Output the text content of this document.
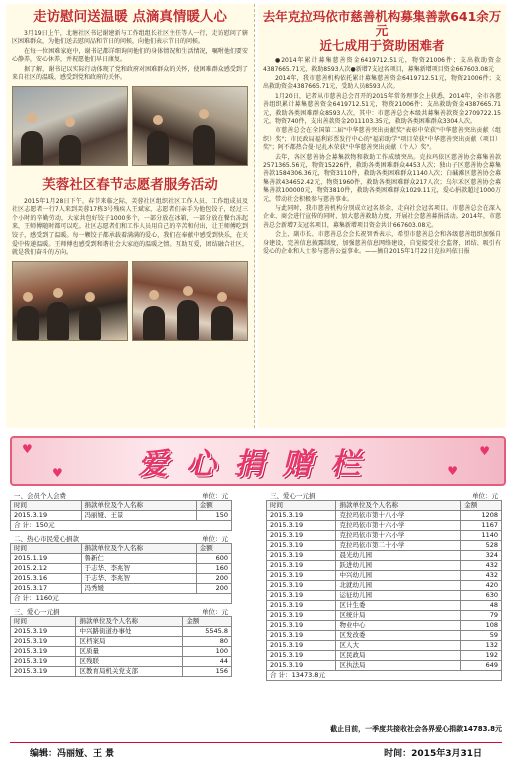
走访慰问送温暖 点滴真情暖人心

3月19日上午，北塘社区书记谢建新与工作组组长社区主任等人一行，走访慰问了辖区困难群众，为他们送去慰问品和节日的问候，向他们表示节日的问候。

在每一位困难家庭中，谢书记都详细询问他们的身体情况和生活情况，嘱咐他们要安心静养，安心休养，并祝愿他们早日康复。

据了解，谢书记以实际行动体现了党和政府对困难群众的关怀，使困难群众感受到了来自社区的温暖，感受到党和政府的关怀。

芙蓉社区春节志愿者服务活动

2015年1月28日下午，春节来临之际，芙蓉社区组织社区工作人员、工作组成员及社区志愿者一行7人来到芙蓉17栋3号残疾人王斌家，志愿者们亲手为他包饺子，经过三个小时的辛勤劳动，大家共包好饺子1000多个，一部分放在冰箱，一部分放在餐台冻起来，王师傅随时都可以吃。社区志愿者们和工作人员用自己的辛苦和付出，让王师傅吃到饺子，感受到了温暖。每一颗饺子都承载着满满的爱心，我们在奉献中感受到快乐，在关爱中传递温暖。王师傅也感受到和谐社会大家庭的温暖之情。互助互爱，团结融合社区，就是我们奋斗的方向。

去年克拉玛依市慈善机构募集善款641余万元
近七成用于资助困难者

●2014年累计募集慈善资金6419712.51元，物资21006件；支出救助资金4387665.71元，救助8593人次●新增7支冠名项目，募集新增项目资金667603.08元

2014年，我市慈善机构依托累计募集慈善资金6419712.51元，物资21006件；支出救助资金4387665.71元，受助人员8593人次。

1月20日，记者从市慈善总会召开的2015年常务理事会上获悉，2014年，全市各慈善组织累计募集慈善资金6419712.51元，物资21006件；支出救助资金4387665.71元，救助各类困难群众8593人次，其中：市慈善总会本级共募集善款资金2709722.15元，物资740件，支出善款资金2011103.35元，救助各类困难群众3304人次。

市慈善总会在全国第二届"中华慈善突出贡献奖"表彰中荣获"中华慈善突出贡献（组织）奖"；市民政局福利彩票发行中心的"福彩助学"项目荣获"中华慈善突出贡献（项目）奖"；阿不都热合曼·尼扎木荣获"中华慈善突出贡献（个人）奖"。

去年，各区慈善协会募集款物和救助工作成绩突出。克拉玛依区慈善协会募集善款2571365.56元，物资15226件，救助各类困难群众4453人次；独山子区慈善协会募集善款1584306.36元，物资3110件，救助各类困难群众1140人次；白碱滩区慈善协会募集善款434652.42元，物资1960件，救助各类困难群众217人次；乌尔禾区慈善协会募集善款100000元，物资3810件，救助各类困难群众1029.11元，爱心捐款超过1000万元，带动社会积极参与慈善事业。

与此同时，我市慈善机构分别成立冠名基金，走向社会冠名项目。市慈善总会在深入企业、商会进行宣传的同时，加大慈善救助力度，开展社会慈善募捐活动。2014年，市慈善总会新增7支冠名项目，募集新增项目资金共计667603.08元。

会上，副市长、市慈善总会会长祝智香表示，希望市慈善总会和各级慈善组织加强自身建设，完善信息披露制度，加强慈善信息网络建设，自觉接受社会监督，团结、吸引有爱心的企业和人士参与慈善公益事业。——摘自2015年1月22日克拉玛依日报

♥
♥
♥
♥
爱心捐赠栏
一、会员个人会费	单位：元
时间	捐款单位及个人名称	金额
2015.3.19	冯丽娅、王景	150
合 计：150元		
二、热心市民爱心捐款	单位：元
时间	捐款单位及个人名称	金额
2015.1.19	鲁新仁	600
2015.2.12	于志华、李兆智	160
2015.3.16	于志华、李兆智	200
2015.3.17	冯秀媛	200
合 计：1160元		
三、爱心一元捐	单位：元
时间	捐款单位及个人名称	金额
2015.3.19	中兴路街道办事处	5545.8
2015.3.19	区档案局	80
2015.3.19	区质量	100
2015.3.19	区残联	44
2015.3.19	区教育局机关党支部	156
三、爱心一元捐	单位：元
时间	捐款单位及个人名称	金额
2015.3.19	克拉玛依市第十八小学	1208
2015.3.19	克拉玛依市第十六小学	1167
2015.3.19	克拉玛依市第十六小学	1140
2015.3.19	克拉玛依市第二十小学	528
2015.3.19	晨光幼儿园	324
2015.3.19	跃进幼儿园	432
2015.3.19	中兴幼儿园	432
2015.3.19	北就幼儿园	420
2015.3.19	运征幼儿园	630
2015.3.19	区计生委	48
2015.3.19	区统计局	79
2015.3.19	物业中心	108
2015.3.19	区发改委	59
2015.3.19	区人大	132
2015.3.19	区民政局	192
2015.3.19	区执法局	649
合 计：13473.8元		
截止目前，一季度共接收社会各界爱心捐款14783.8元
编辑：冯丽娅、王 景	时间：2015年3月31日
